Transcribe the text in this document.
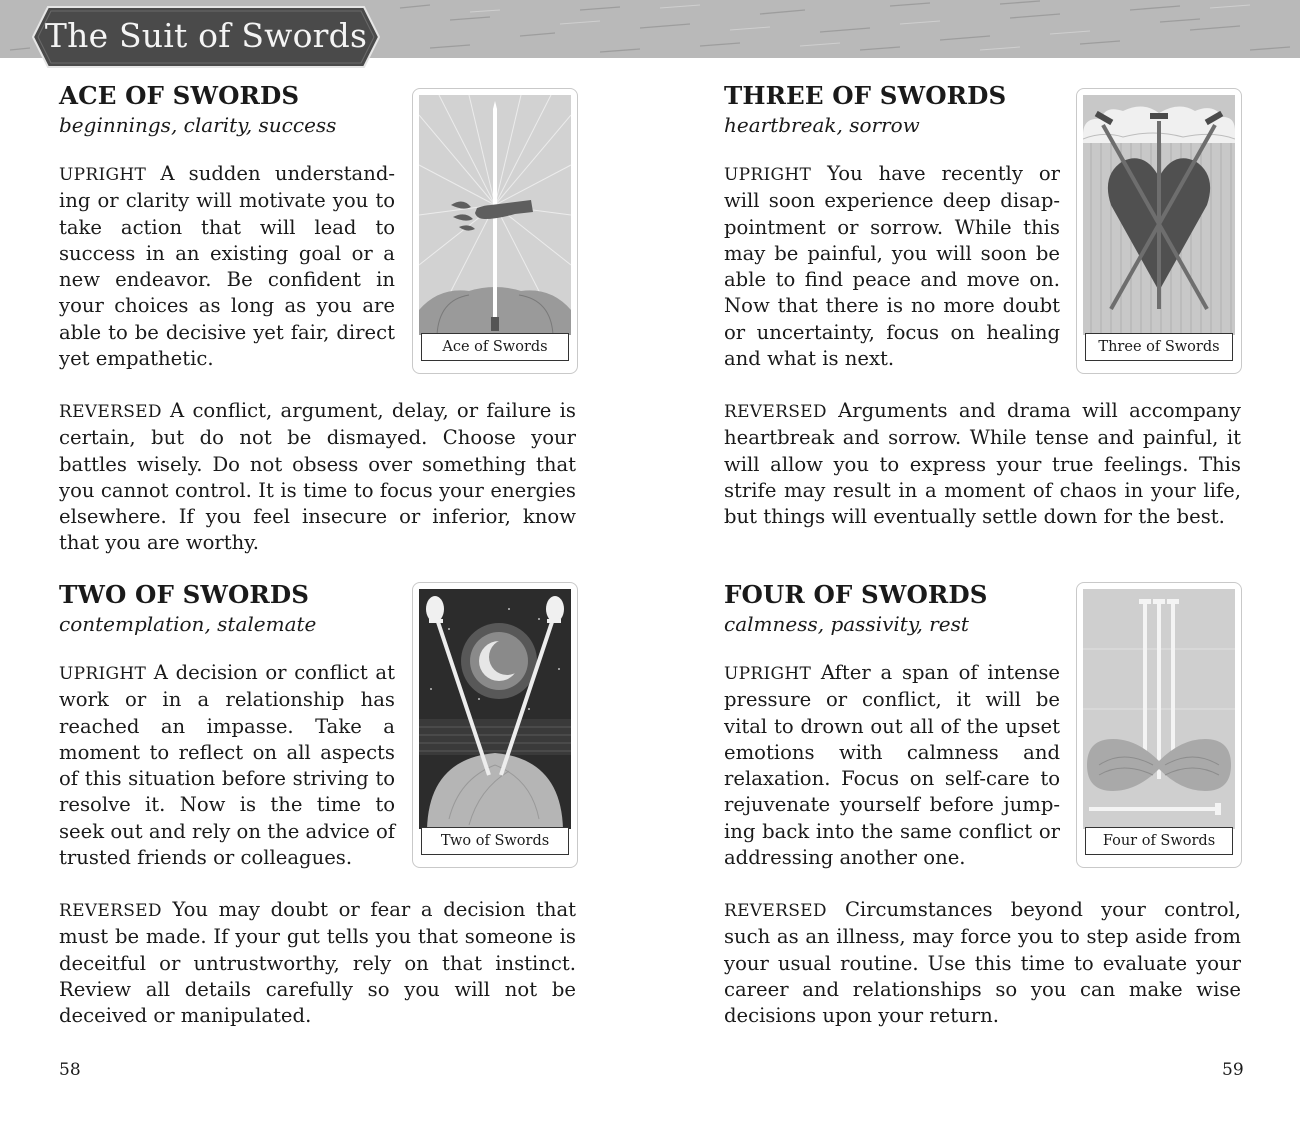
The Suit of Swords
ACE OF SWORDS

beginnings, clarity, success

UPRIGHT A sudden understanding or clarity will motivate you to take action that will lead to success in an existing goal or a new endeavor. Be confident in your choices as long as you are able to be decisive yet fair, direct yet empathetic.

REVERSED A conflict, argument, delay, or failure is certain, but do not be dismayed. Choose your battles wisely. Do not obsess over something that you cannot control. It is time to focus your energies elsewhere. If you feel insecure or inferior, know that you are worthy.

Ace of Swords
TWO OF SWORDS

contemplation, stalemate

UPRIGHT A decision or conflict at work or in a relationship has reached an impasse. Take a moment to reflect on all aspects of this situation before striving to resolve it. Now is the time to seek out and rely on the advice of trusted friends or colleagues.

REVERSED You may doubt or fear a decision that must be made. If your gut tells you that someone is deceitful or untrustworthy, rely on that instinct. Review all details carefully so you will not be deceived or manipulated.

Two of Swords
58
THREE OF SWORDS

heartbreak, sorrow

UPRIGHT You have recently or will soon experience deep disappointment or sorrow. While this may be painful, you will soon be able to find peace and move on. Now that there is no more doubt or uncertainty, focus on healing and what is next.

REVERSED Arguments and drama will accompany heartbreak and sorrow. While tense and painful, it will allow you to express your true feelings. This strife may result in a moment of chaos in your life, but things will eventually settle down for the best.

Three of Swords
FOUR OF SWORDS

calmness, passivity, rest

UPRIGHT After a span of intense pressure or conflict, it will be vital to drown out all of the upset emotions with calmness and relaxation. Focus on self-care to rejuvenate yourself before jumping back into the same conflict or addressing another one.

REVERSED Circumstances beyond your control, such as an illness, may force you to step aside from your usual routine. Use this time to evaluate your career and relationships so you can make wise decisions upon your return.

Four of Swords
59
